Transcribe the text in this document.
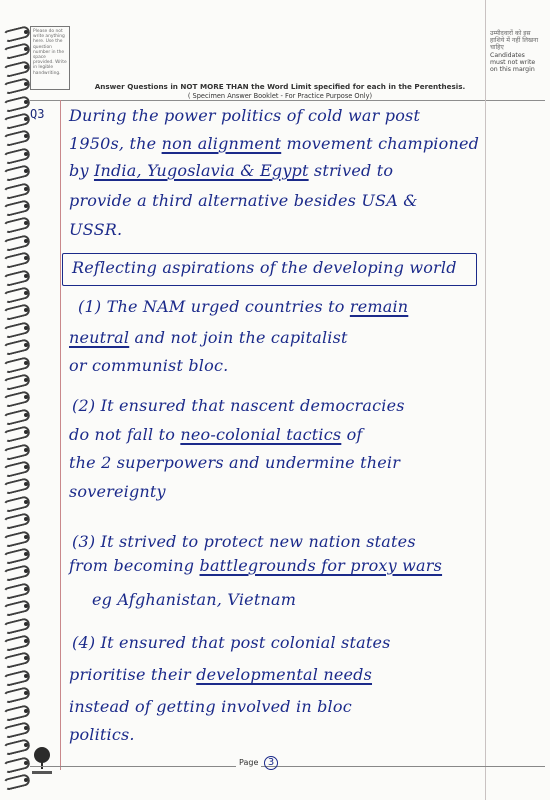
Please do not write anything here. Use the question number in the space provided. Write in legible handwriting.
उम्मीदवारों को इस हाशिये में नहीं लिखना चाहिए
Candidates must not write on this margin
Answer Questions in NOT MORE THAN the Word Limit specified for each in the Perenthesis.
( Specimen Answer Booklet - For Practice Purpose Only)
Q3 During the power politics of cold war post
1950s, the non alignment movement championed
by India, Yugoslavia & Egypt strived to
provide a third alternative besides USA &
USSR.
Reflecting aspirations of the developing world
(1) The NAM urged countries to remain
neutral and not join the capitalist
or communist bloc.
(2) It ensured that nascent democracies
do not fall to neo-colonial tactics of
the 2 superpowers and undermine their
sovereignty
(3) It strived to protect new nation states
from becoming battlegrounds for proxy wars
eg Afghanistan, Vietnam
(4) It ensured that post colonial states
prioritise their developmental needs
instead of getting involved in bloc
politics.
Page 3
